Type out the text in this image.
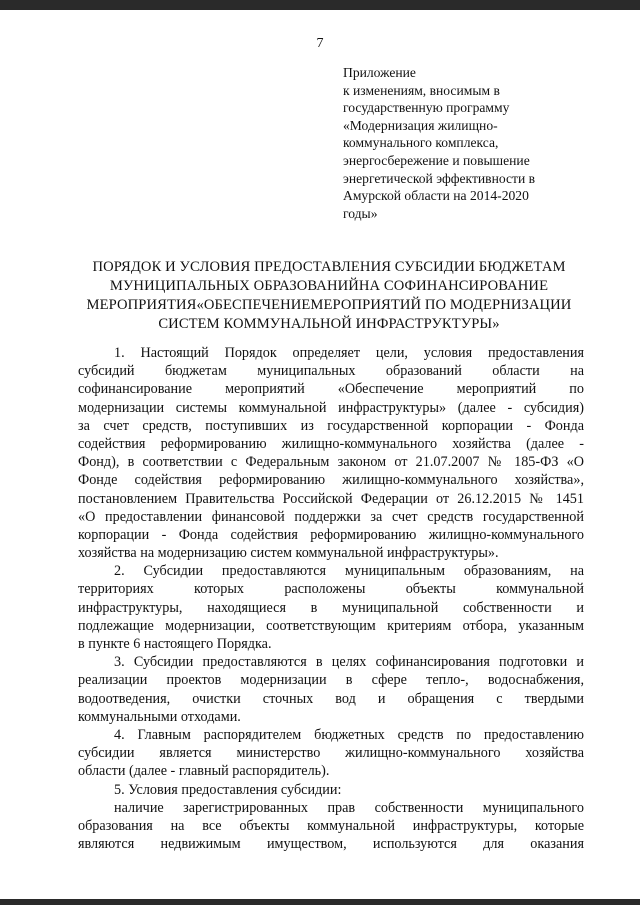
7
Приложение
к изменениям, вносимым в
государственную программу
«Модернизация жилищно-
коммунального комплекса,
энергосбережение и повышение
энергетической эффективности в
Амурской области на 2014-2020
годы»
ПОРЯДОК И УСЛОВИЯ ПРЕДОСТАВЛЕНИЯ СУБСИДИИ БЮДЖЕТАМ
МУНИЦИПАЛЬНЫХ ОБРАЗОВАНИЙНА СОФИНАНСИРОВАНИЕ
МЕРОПРИЯТИЯ«ОБЕСПЕЧЕНИЕМЕРОПРИЯТИЙ ПО МОДЕРНИЗАЦИИ
СИСТЕМ КОММУНАЛЬНОЙ ИНФРАСТРУКТУРЫ»
1. Настоящий Порядок определяет цели, условия предоставления
субсидий бюджетам муниципальных образований области на
софинансирование мероприятий «Обеспечение мероприятий по
модернизации системы коммунальной инфраструктуры» (далее - субсидия)
за счет средств, поступивших из государственной корпорации - Фонда
содействия реформированию жилищно-коммунального хозяйства (далее -
Фонд), в соответствии с Федеральным законом от 21.07.2007 № 185-ФЗ «О
Фонде содействия реформированию жилищно-коммунального хозяйства»,
постановлением Правительства Российской Федерации от 26.12.2015 № 1451
«О предоставлении финансовой поддержки за счет средств государственной
корпорации - Фонда содействия реформированию жилищно-коммунального
хозяйства на модернизацию систем коммунальной инфраструктуры».
2. Субсидии предоставляются муниципальным образованиям, на
территориях которых расположены объекты коммунальной
инфраструктуры, находящиеся в муниципальной собственности и
подлежащие модернизации, соответствующим критериям отбора, указанным
в пункте 6 настоящего Порядка.
3. Субсидии предоставляются в целях софинансирования подготовки и
реализации проектов модернизации в сфере тепло-, водоснабжения,
водоотведения, очистки сточных вод и обращения с твердыми
коммунальными отходами.
4. Главным распорядителем бюджетных средств по предоставлению
субсидии является министерство жилищно-коммунального хозяйства
области (далее - главный распорядитель).
5. Условия предоставления субсидии:
наличие зарегистрированных прав собственности муниципального
образования на все объекты коммунальной инфраструктуры, которые
являются недвижимым имуществом, используются для оказания
